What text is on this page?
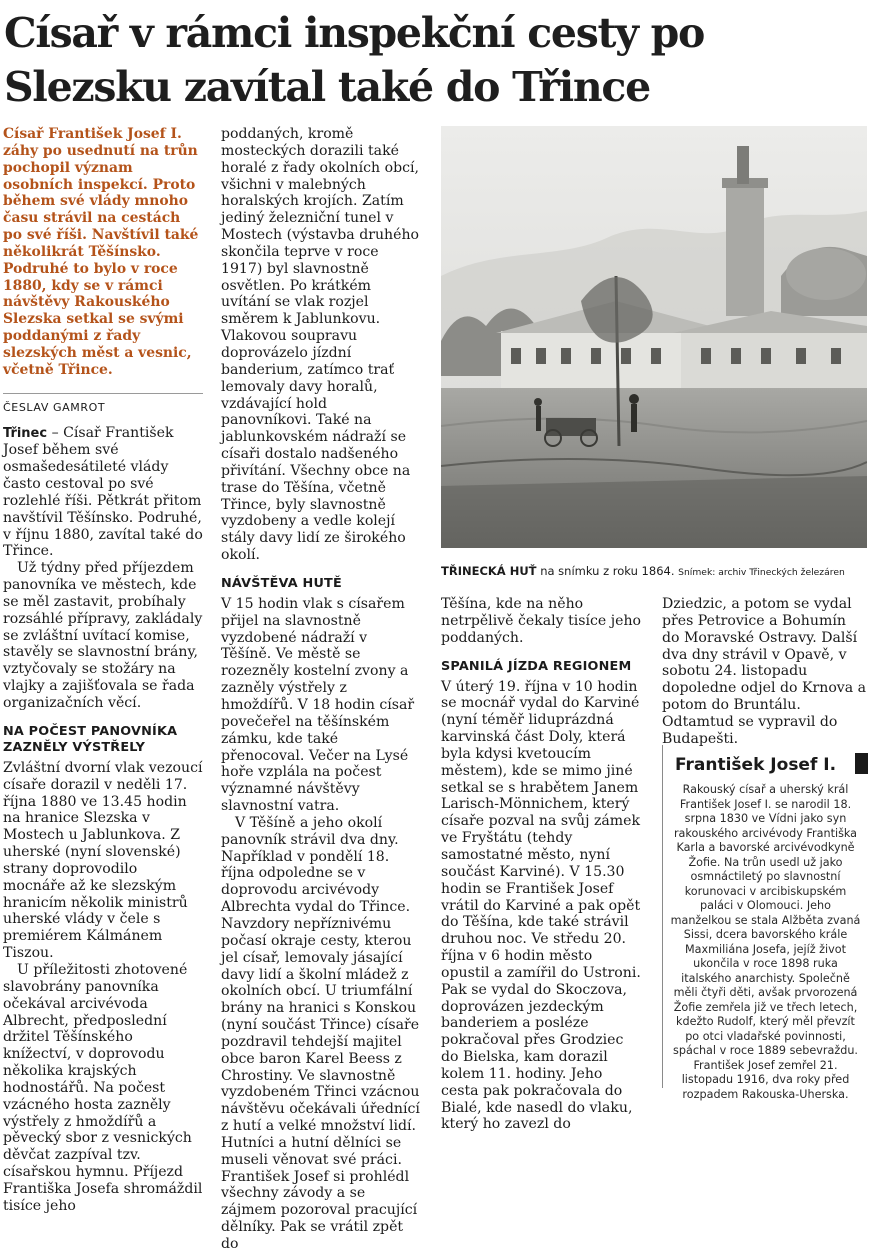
Císař v rámci inspekční cesty po Slezsku zavítal také do Třince

Císař František Josef I. záhy po usednutí na trůn pochopil význam osobních inspekcí. Proto během své vlády mnoho času strávil na cestách po své říši. Navštívil také několikrát Těšínsko. Podruhé to bylo v roce 1880, kdy se v rámci návštěvy Rakouského Slezska setkal se svými poddanými z řady slezských měst a vesnic, včetně Třince.

ČESLAV GAMROT

Třinec – Císař František Josef během své osmašedesátileté vlády často cestoval po své rozlehlé říši. Pětkrát přitom navštívil Těšínsko. Podruhé, v říjnu 1880, zavítal také do Třince.

Už týdny před příjezdem panovníka ve městech, kde se měl zastavit, probíhaly rozsáhlé přípravy, zakládaly se zvláštní uvítací komise, stavěly se slavnostní brány, vztyčovaly se stožáry na vlajky a zajišťovala se řada organizačních věcí.

NA POČEST PANOVNÍKA ZAZNĚLY VÝSTŘELY

Zvláštní dvorní vlak vezoucí císaře dorazil v neděli 17. října 1880 ve 13.45 hodin na hranice Slezska v Mostech u Jablunkova. Z uherské (nyní slovenské) strany doprovodilo mocnáře až ke slezským hranicím několik ministrů uherské vlády v čele s premiérem Kálmánem Tiszou.

U příležitosti zhotovené slavobrány panovníka očekával arcivévoda Albrecht, předposlední držitel Těšínského knížectví, v doprovodu několika krajských hodnostářů. Na počest vzácného hosta zazněly výstřely z hmoždířů a pěvecký sbor z vesnických děvčat zazpíval tzv. císařskou hymnu. Příjezd Františka Josefa shromáždil tisíce jeho

poddaných, kromě mosteckých dorazili také horalé z řady okolních obcí, všichni v malebných horalských krojích. Zatím jediný železniční tunel v Mostech (výstavba druhého skončila teprve v roce 1917) byl slavnostně osvětlen. Po krátkém uvítání se vlak rozjel směrem k Jablunkovu. Vlakovou soupravu doprovázelo jízdní banderium, zatímco trať lemovaly davy horalů, vzdávající hold panovníkovi. Také na jablunkovském nádraží se císaři dostalo nadšeného přivítání. Všechny obce na trase do Těšína, včetně Třince, byly slavnostně vyzdobeny a vedle kolejí stály davy lidí ze širokého okolí.

NÁVŠTĚVA HUTĚ

V 15 hodin vlak s císařem přijel na slavnostně vyzdobené nádraží v Těšíně. Ve městě se rozezněly kostelní zvony a zazněly výstřely z hmoždířů. V 18 hodin císař povečeřel na těšínském zámku, kde také přenocoval. Večer na Lysé hoře vzplála na počest významné návštěvy slavnostní vatra.

V Těšíně a jeho okolí panovník strávil dva dny. Například v pondělí 18. října odpoledne se v doprovodu arcivévody Albrechta vydal do Třince. Navzdory nepříznivému počasí okraje cesty, kterou jel císař, lemovaly jásající davy lidí a školní mládež z okolních obcí. U triumfální brány na hranici s Konskou (nyní součást Třince) císaře pozdravil tehdejší majitel obce baron Karel Beess z Chrostiny. Ve slavnostně vyzdobeném Třinci vzácnou návštěvu očekávali úřednící z hutí a velké množství lidí. Hutníci a hutní dělníci se museli věnovat své práci. František Josef si prohlédl všechny závody a se zájmem pozoroval pracující dělníky. Pak se vrátil zpět do

TŘINECKÁ HUŤ na snímku z roku 1864. Snímek: archiv Třineckých železáren

Těšína, kde na něho netrpělivě čekaly tisíce jeho poddaných.

SPANILÁ JÍZDA REGIONEM

V úterý 19. října v 10 hodin se mocnář vydal do Karviné (nyní téměř liduprázdná karvinská část Doly, která byla kdysi kvetoucím městem), kde se mimo jiné setkal se s hrabětem Janem Larisch-Mönnichem, který císaře pozval na svůj zámek ve Fryštátu (tehdy samostatné město, nyní součást Karviné). V 15.30 hodin se František Josef vrátil do Karviné a pak opět do Těšína, kde také strávil druhou noc. Ve středu 20. října v 6 hodin město opustil a zamířil do Ustroni. Pak se vydal do Skoczova, doprovázen jezdeckým banderiem a posléze pokračoval přes Grodziec do Bielska, kam dorazil kolem 11. hodiny. Jeho cesta pak pokračovala do Bialé, kde nasedl do vlaku, který ho zavezl do

Dziedzic, a potom se vydal přes Petrovice a Bohumín do Moravské Ostravy. Další dva dny strávil v Opavě, v sobotu 24. listopadu dopoledne odjel do Krnova a potom do Bruntálu. Odtamtud se vypravil do Budapešti.

František Josef I.

Rakouský císař a uherský král František Josef I. se narodil 18. srpna 1830 ve Vídni jako syn rakouského arcivévody Františka Karla a bavorské arcivévodkyně Žofie. Na trůn usedl už jako osmnáctiletý po slavnostní korunovaci v arcibiskupském paláci v Olomouci. Jeho manželkou se stala Alžběta zvaná Sissi, dcera bavorského krále Maxmiliána Josefa, jejíž život ukončila v roce 1898 ruka italského anarchisty. Společně měli čtyři děti, avšak prvorozená Žofie zemřela již ve třech letech, kdežto Rudolf, který měl převzít po otci vladařské povinnosti, spáchal v roce 1889 sebevraždu. František Josef zemřel 21. listopadu 1916, dva roky před rozpadem Rakouska-Uherska.
